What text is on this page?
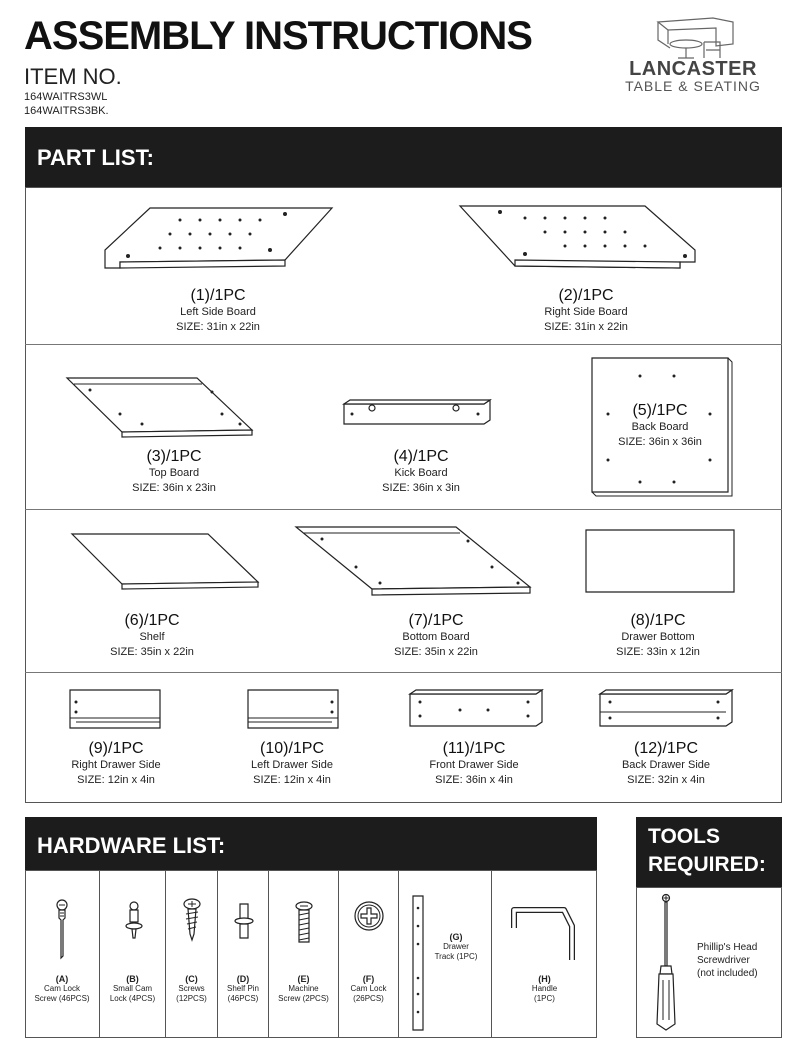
ASSEMBLY INSTRUCTIONS
ITEM NO.
164WAITRS3WL
164WAITRS3BK.
LANCASTER
TABLE & SEATING
PART LIST:
(1)/1PC
Left Side Board
SIZE: 31in x 22in
(2)/1PC
Right Side Board
SIZE: 31in x 22in
(3)/1PC
Top Board
SIZE: 36in x 23in
(4)/1PC
Kick Board
SIZE: 36in x 3in
(5)/1PC
Back Board
SIZE: 36in x 36in
(6)/1PC
Shelf
SIZE: 35in x 22in
(7)/1PC
Bottom Board
SIZE: 35in x 22in
(8)/1PC
Drawer Bottom
SIZE: 33in x 12in
(9)/1PC
Right Drawer Side
SIZE: 12in x 4in
(10)/1PC
Left Drawer Side
SIZE: 12in x 4in
(11)/1PC
Front Drawer Side
SIZE: 36in x 4in
(12)/1PC
Back Drawer Side
SIZE: 32in x 4in
HARDWARE LIST:
(A)
Cam Lock
Screw (46PCS)
(B)
Small Cam
Lock (4PCS)
(C)
Screws
(12PCS)
(D)
Shelf Pin
(46PCS)
(E)
Machine
Screw (2PCS)
(F)
Cam Lock
(26PCS)
(G)
Drawer
Track (1PC)
(H)
Handle
(1PC)
TOOLS
REQUIRED:
Phillip's Head
Screwdriver
(not included)
